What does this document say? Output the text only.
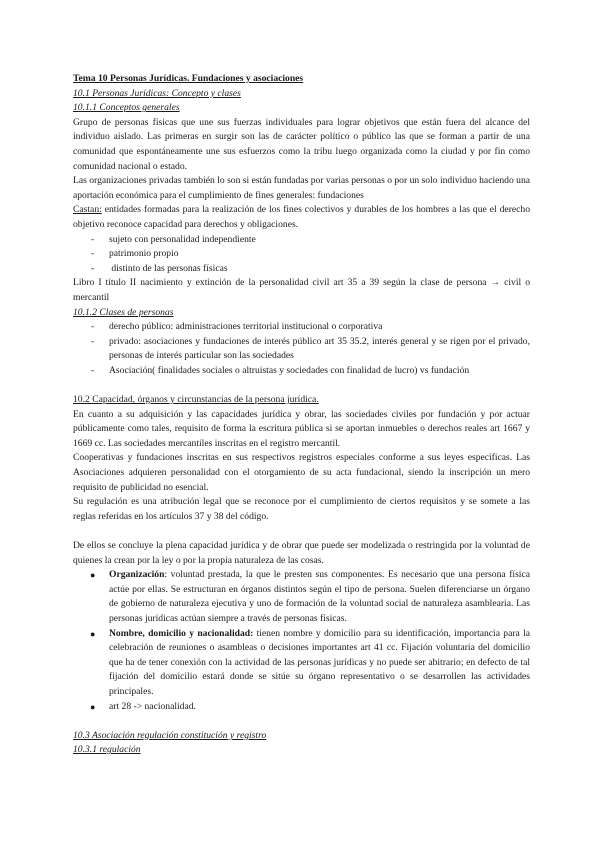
Tema 10 Personas Jurídicas. Fundaciones y asociaciones

10.1 Personas Jurídicas: Concepto y clases

10.1.1 Conceptos generales

Grupo de personas físicas que une sus fuerzas individuales para lograr objetivos que están fuera del alcance del individuo aislado. Las primeras en surgir son las de carácter político o público las que se forman a partir de una comunidad que espontáneamente une sus esfuerzos como la tribu luego organizada como la ciudad y por fin como comunidad nacional o estado.

Las organizaciones privadas también lo son si están fundadas por varias personas o por un solo individuo haciendo una aportación económica para el cumplimiento de fines generales: fundaciones

Castan: entidades formadas para la realización de los fines colectivos y durables de los hombres a las que el derecho objetivo reconoce capacidad para derechos y obligaciones.

- sujeto con personalidad independiente
- patrimonio propio
- distinto de las personas físicas

Libro I título II nacimiento y extinción de la personalidad civil art 35 a 39 según la clase de persona → civil o mercantil

10.1.2 Clases de personas

- derecho público: administraciones territorial institucional o corporativa
- privado: asociaciones y fundaciones de interés público art 35 35.2, interés general y se rigen por el privado, personas de interés particular son las sociedades
- Asociación( finalidades sociales o altruistas y sociedades con finalidad de lucro) vs fundación

10.2 Capacidad, órganos y circunstancias de la persona jurídica.

En cuanto a su adquisición y las capacidades jurídica y obrar, las sociedades civiles por fundación y por actuar públicamente como tales, requisito de forma la escritura pública si se aportan inmuebles o derechos reales art 1667 y 1669 cc. Las sociedades mercantiles inscritas en el registro mercantil.

Cooperativas y fundaciones inscritas en sus respectivos registros especiales conforme a sus leyes específicas. Las Asociaciones adquieren personalidad con el otorgamiento de su acta fundacional, siendo la inscripción un mero requisito de publicidad no esencial.

Su regulación es una atribución legal que se reconoce por el cumplimiento de ciertos requisitos y se somete a las reglas referidas en los artículos 37 y 38 del código.

De ellos se concluye la plena capacidad jurídica y de obrar que puede ser modelizada o restringida por la voluntad de quienes la crean por la ley o por la propia naturaleza de las cosas.

● Organización: voluntad prestada, la que le presten sus componentes. Es necesario que una persona física actúe por ellas. Se estructuran en órganos distintos según el tipo de persona. Suelen diferenciarse un órgano de gobierno de naturaleza ejecutiva y uno de formación de la voluntad social de naturaleza asamblearia. Las personas jurídicas actúan siempre a través de personas físicas.
● Nombre, domicilio y nacionalidad: tienen nombre y domicilio para su identificación, importancia para la celebración de reuniones o asambleas o decisiones importantes art 41 cc. Fijación voluntaria del domicilio que ha de tener conexión con la actividad de las personas jurídicas y no puede ser abitrario; en defecto de tal fijación del domicilio estará donde se sitúe su órgano representativo o se desarrollen las actividades principales.
● art 28 -> nacionalidad.

10.3 Asociación regulación constitución y registro

10.3.1 regulación
